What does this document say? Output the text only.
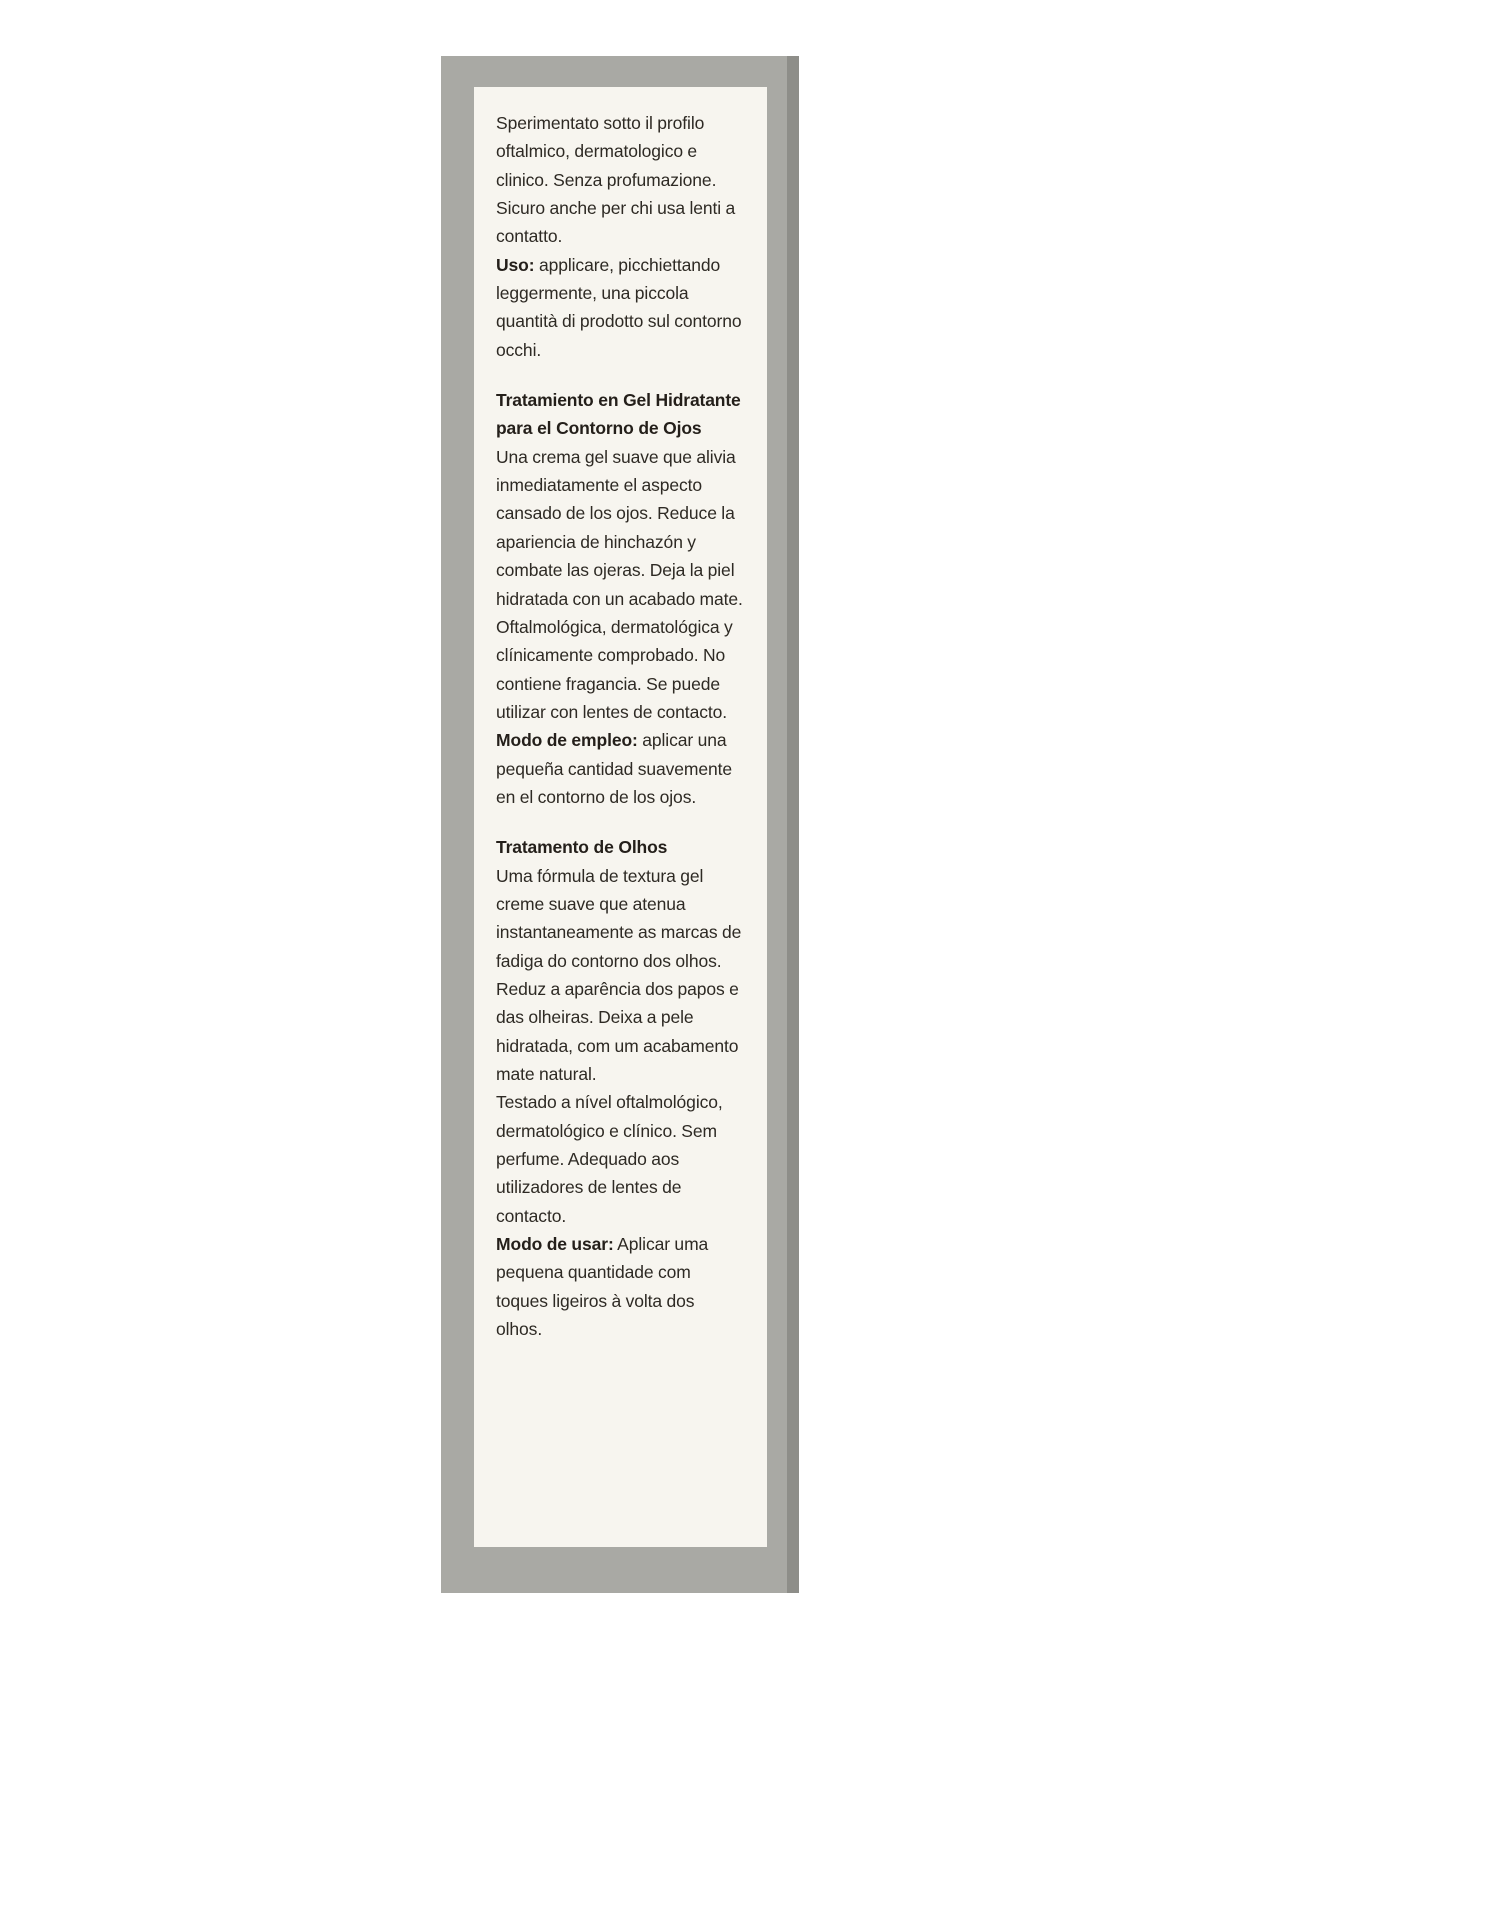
Sperimentato sotto il profilo oftalmico, dermatologico e clinico. Senza profumazione. Sicuro anche per chi usa lenti a contatto.

Uso: applicare, picchiettando leggermente, una piccola quantità di prodotto sul contorno occhi.

Tratamiento en Gel Hidratante para el Contorno de Ojos

Una crema gel suave que alivia inmediatamente el aspecto cansado de los ojos. Reduce la apariencia de hinchazón y combate las ojeras. Deja la piel hidratada con un acabado mate.

Oftalmológica, dermatológica y clínicamente comprobado. No contiene fragancia. Se puede utilizar con lentes de contacto.

Modo de empleo: aplicar una pequeña cantidad suavemente en el contorno de los ojos.

Tratamento de Olhos

Uma fórmula de textura gel creme suave que atenua instantaneamente as marcas de fadiga do contorno dos olhos. Reduz a aparência dos papos e das olheiras. Deixa a pele hidratada, com um acabamento mate natural.

Testado a nível oftalmológico, dermatológico e clínico. Sem perfume. Adequado aos utilizadores de lentes de contacto.

Modo de usar: Aplicar uma pequena quantidade com toques ligeiros à volta dos olhos.
